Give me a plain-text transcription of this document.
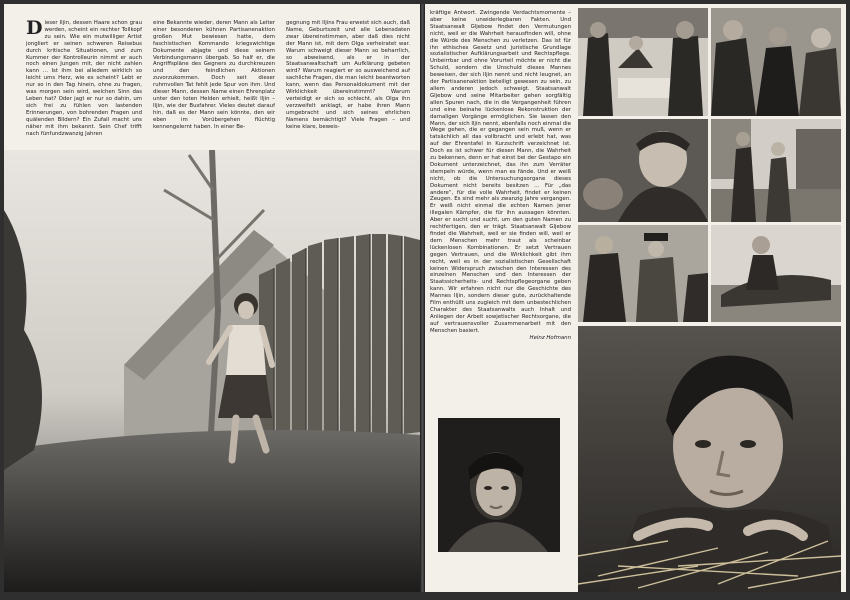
Dieser Iljin, dessen Haare schon grau werden, scheint ein rechter Tollkopf zu sein. Wie ein mutwilliger Artist jongliert er seinen schweren Reisebus durch kritische Situationen, und zum Kummer der Kontrolleurin nimmt er auch noch einen Jungen mit, der nicht zahlen kann … Ist ihm bei alledem wirklich so leicht ums Herz, wie es scheint? Lebt er nur so in den Tag hinein, ohne zu fragen, was morgen sein wird, welchen Sinn das Leben hat? Oder jagt er nur so dahin, um sich frei zu fühlen von lastenden Erinnerungen, von bohrenden Fragen und quälenden Bildern? Ein Zufall macht uns näher mit ihm bekannt. Sein Chef trifft nach fünfundzwanzig Jahren

eine Bekannte wieder, deren Mann als Leiter einer besonderen kühnen Partisanenaktion großen Mut bewiesen hatte, dem faschistischen Kommando kriegswichtige Dokumente abjagte und diese seinem Verbindungsmann übergab. So half er, die Angriffspläne des Gegners zu durchkreuzen und den feindlichen Aktionen zuvorzukommen. Doch seit dieser ruhmvollen Tat fehlt jede Spur von ihm. Und dieser Mann, dessen Name einen Ehrenplatz unter den toten Helden erhielt, heißt Iljin – Iljin, wie der Busfahrer. Vieles deutet darauf hin, daß es der Mann sein könnte, den wir eben im Vorübergehen flüchtig kennengelernt haben. In einer Be-

gegnung mit Iljins Frau erweist sich auch, daß Name, Geburtszeit und alle Lebensdaten zwar übereinstimmen, aber daß dies nicht der Mann ist, mit dem Olga verheiratet war. Warum schweigt dieser Mann so beharrlich, so abweisend, als er in der Staatsanwaltschaft um Aufklärung gebeten wird? Warum reagiert er so ausweichend auf sachliche Fragen, die man leicht beantworten kann, wenn das Personaldokument mit der Wirklichkeit übereinstimmt? Warum verteidigt er sich so schlecht, als Olga ihn verzweifelt anklagt, er habe ihren Mann umgebracht und sich seines ehrlichen Namens bemächtigt? Viele Fragen – und keine klare, beweis-

kräftige Antwort. Zwingende Verdachtsmomente – aber keine unwiderlegbaren Fakten. Und Staatsanwalt Gljebow findet den Vermutungen nicht, weil er die Wahrheit herausfinden will, ohne die Würde des Menschen zu verletzen. Das ist für ihn ethisches Gesetz und juristische Grundlage sozialistischer Aufklärungsarbeit und Rechtspflege. Unbeirrbar und ohne Vorurteil möchte er nicht die Schuld, sondern die Unschuld dieses Mannes beweisen, der sich Iljin nennt und nicht leugnet, an der Partisanenaktion beteiligt gewesen zu sein, zu allem anderen jedoch schweigt. Staatsanwalt Gljebow und seine Mitarbeiter gehen sorgfältig allen Spuren nach, die in die Vergangenheit führen und eine beinahe lückenlose Rekonstruktion der damaligen Vorgänge ermöglichen. Sie lassen den Mann, der sich Iljin nennt, ebenfalls noch einmal die Wege gehen, die er gegangen sein muß, wenn er tatsächlich all das vollbracht und erlebt hat, was auf der Ehrentafel in Kurzschrift verzeichnet ist. Doch es ist schwer für diesen Mann, die Wahrheit zu bekennen, denn er hat einst bei der Gestapo ein Dokument unterzeichnet, das ihn zum Verräter stempeln würde, wenn man es fände. Und er weiß nicht, ob die Untersuchungsorgane dieses Dokument nicht bereits besitzen … Für „das andere“, für die volle Wahrheit, findet er keinen Zeugen. Es sind mehr als zwanzig Jahre vergangen. Er weiß nicht einmal die echten Namen jener illegalen Kämpfer, die für ihn aussagen könnten. Aber er sucht und sucht, um den guten Namen zu rechtfertigen, den er trägt. Staatsanwalt Gljebow findet die Wahrheit, weil er sie finden will, weil er dem Menschen mehr traut als scheinbar lückenlosen Kombinationen. Er setzt Vertrauen gegen Vertrauen, und die Wirklichkeit gibt ihm recht, weil es in der sozialistischen Gesellschaft keinen Widerspruch zwischen den Interessen des einzelnen Menschen und den Interessen der Staatssicherheits- und Rechtspflegeorgane geben kann. Wir erfahren nicht nur die Geschichte des Mannes Iljin, sondern dieser gute, zurückhaltende Film enthüllt uns zugleich mit dem unbestechlichen Charakter des Staatsanwalts auch Inhalt und Anliegen der Arbeit sowjetischer Rechtsorgane, die auf vertrauensvoller Zusammenarbeit mit den Menschen basiert.

Heinz Hofmann
